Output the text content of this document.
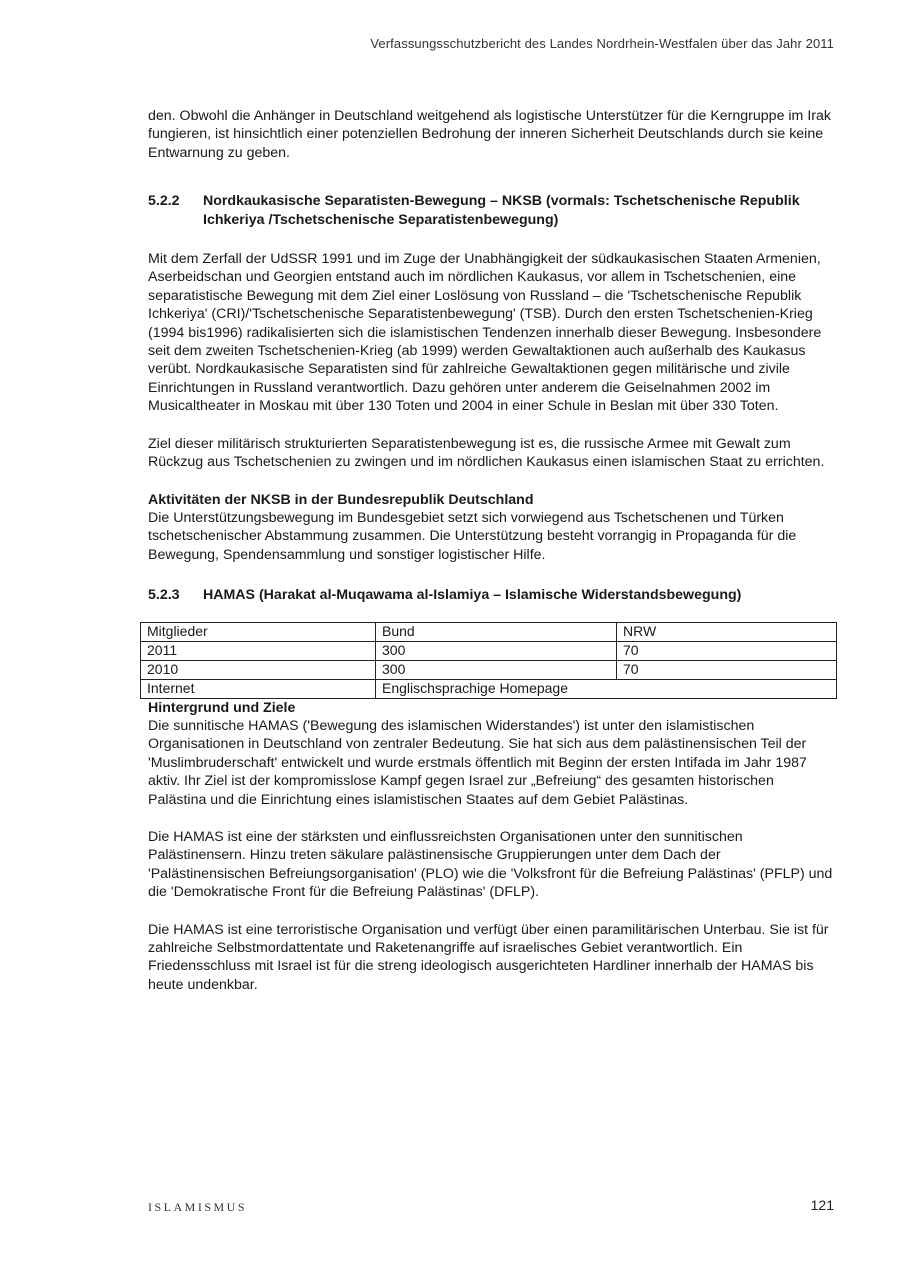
Verfassungsschutzbericht des Landes Nordrhein-Westfalen über das Jahr 2011

den. Obwohl die Anhänger in Deutschland weitgehend als logistische Unterstützer für die Kerngruppe im Irak fungieren, ist hinsichtlich einer potenziellen Bedrohung der inneren Sicherheit Deutschlands durch sie keine Entwarnung zu geben.

5.2.2	Nordkaukasische Separatisten-Bewegung – NKSB (vormals: Tschetschenische Republik Ichkeriya /Tschetschenische Separatistenbewegung)

Mit dem Zerfall der UdSSR 1991 und im Zuge der Unabhängigkeit der südkaukasischen Staaten Armenien, Aserbeidschan und Georgien entstand auch im nördlichen Kaukasus, vor allem in Tschetschenien, eine separatistische Bewegung mit dem Ziel einer Loslösung von Russland – die 'Tschetschenische Republik Ichkeriya' (CRI)/'Tschetschenische Separatistenbewegung' (TSB). Durch den ersten Tschetschenien-Krieg (1994 bis1996) radikalisierten sich die islamistischen Tendenzen innerhalb dieser Bewegung. Insbesondere seit dem zweiten Tschetschenien-Krieg (ab 1999) werden Gewaltaktionen auch außerhalb des Kaukasus verübt. Nordkaukasische Separatisten sind für zahlreiche Gewaltaktionen gegen militärische und zivile Einrichtungen in Russland verantwortlich. Dazu gehören unter anderem die Geiselnahmen 2002 im Musicaltheater in Moskau mit über 130 Toten und 2004 in einer Schule in Beslan mit über 330 Toten.

Ziel dieser militärisch strukturierten Separatistenbewegung ist es, die russische Armee mit Gewalt zum Rückzug aus Tschetschenien zu zwingen und im nördlichen Kaukasus einen islamischen Staat zu errichten.

Aktivitäten der NKSB in der Bundesrepublik Deutschland

Die Unterstützungsbewegung im Bundesgebiet setzt sich vorwiegend aus Tschetschenen und Türken tschetschenischer Abstammung zusammen. Die Unterstützung besteht vorrangig in Propaganda für die Bewegung, Spendensammlung und sonstiger logistischer Hilfe.

5.2.3	HAMAS (Harakat al-Muqawama al-Islamiya – Islamische Widerstandsbewegung)
Mitglieder	Bund	NRW
2011	300	70
2010	300	70
Internet	Englischsprachige Homepage	

Hintergrund und Ziele

Die sunnitische HAMAS ('Bewegung des islamischen Widerstandes') ist unter den islamistischen Organisationen in Deutschland von zentraler Bedeutung. Sie hat sich aus dem palästinensischen Teil der 'Muslimbruderschaft' entwickelt und wurde erstmals öffentlich mit Beginn der ersten Intifada im Jahr 1987 aktiv. Ihr Ziel ist der kompromisslose Kampf gegen Israel zur „Befreiung“ des gesamten historischen Palästina und die Einrichtung eines islamistischen Staates auf dem Gebiet Palästinas.

Die HAMAS ist eine der stärksten und einflussreichsten Organisationen unter den sunnitischen Palästinensern. Hinzu treten säkulare palästinensische Gruppierungen unter dem Dach der 'Palästinensischen Befreiungsorganisation' (PLO) wie die 'Volksfront für die Befreiung Palästinas' (PFLP) und die 'Demokratische Front für die Befreiung Palästinas' (DFLP).

Die HAMAS ist eine terroristische Organisation und verfügt über einen paramilitärischen Unterbau. Sie ist für zahlreiche Selbstmordattentate und Raketenangriffe auf israelisches Gebiet verantwortlich. Ein Friedensschluss mit Israel ist für die streng ideologisch ausgerichteten Hardliner innerhalb der HAMAS bis heute undenkbar.

ISLAMISMUS	121
